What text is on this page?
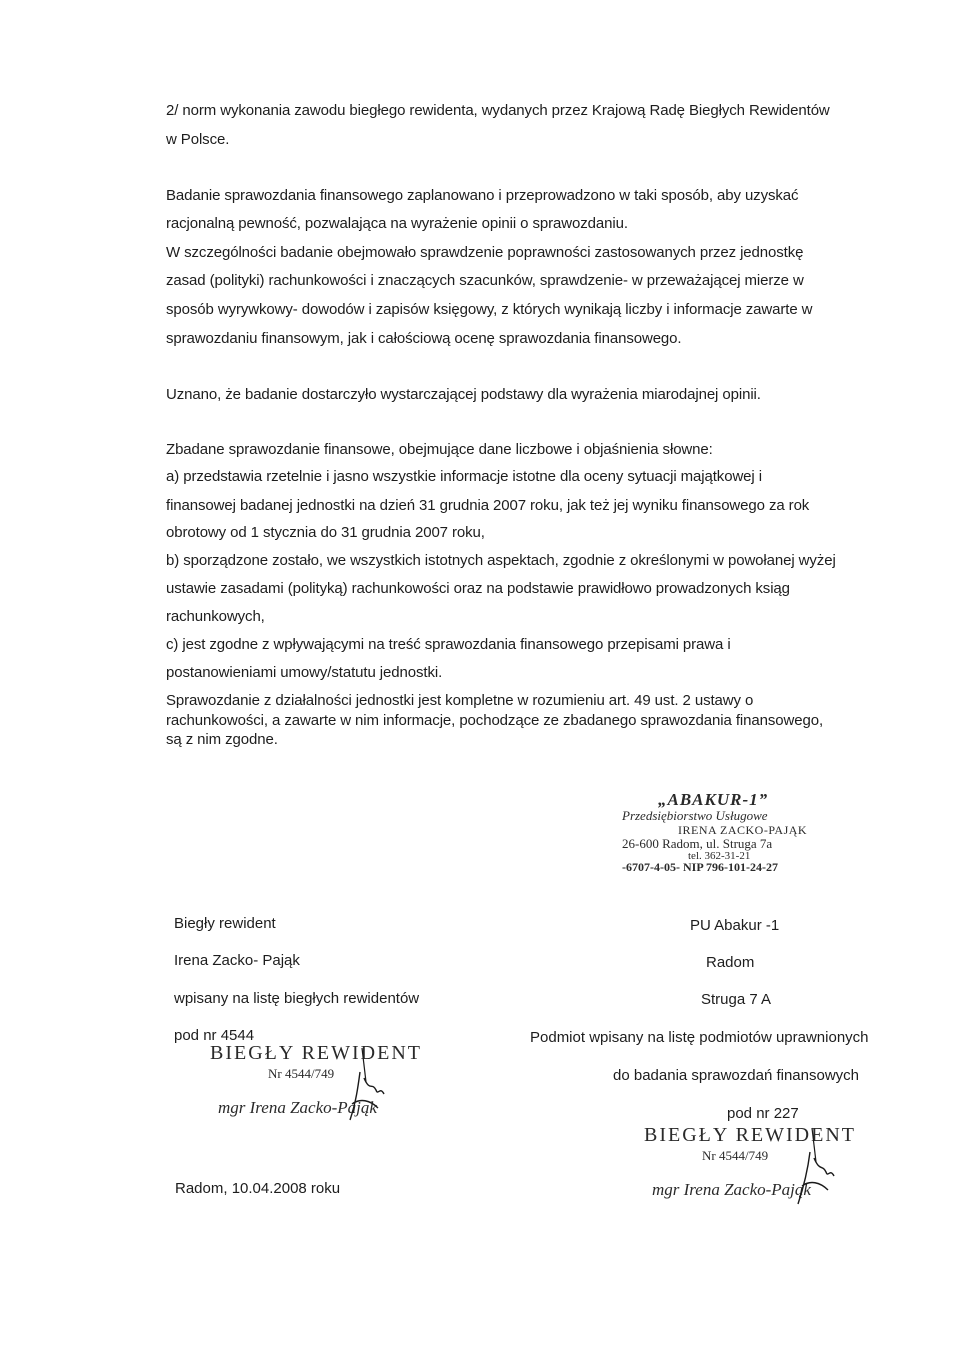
2/ norm wykonania zawodu biegłego rewidenta, wydanych przez Krajową Radę Biegłych Rewidentów
w Polsce.
Badanie sprawozdania finansowego zaplanowano i przeprowadzono w taki sposób, aby uzyskać
racjonalną pewność, pozwalająca na wyrażenie opinii o sprawozdaniu.
W szczególności badanie obejmowało sprawdzenie poprawności zastosowanych przez jednostkę
zasad (polityki) rachunkowości i znaczących szacunków, sprawdzenie- w przeważającej mierze w
sposób wyrywkowy- dowodów i zapisów księgowy, z których wynikają liczby i informacje zawarte w
sprawozdaniu finansowym, jak i całościową ocenę sprawozdania finansowego.
Uznano, że badanie dostarczyło wystarczającej podstawy dla wyrażenia miarodajnej opinii.
Zbadane sprawozdanie finansowe, obejmujące dane liczbowe i objaśnienia słowne:
a) przedstawia rzetelnie i jasno wszystkie informacje istotne dla oceny sytuacji majątkowej i
finansowej badanej jednostki na dzień 31 grudnia 2007 roku, jak też jej wyniku finansowego za rok
obrotowy od 1 stycznia do 31 grudnia 2007 roku,
b) sporządzone zostało, we wszystkich istotnych aspektach, zgodnie z określonymi w powołanej wyżej
ustawie zasadami (polityką) rachunkowości oraz na podstawie prawidłowo prowadzonych ksiąg
rachunkowych,
c) jest zgodne z wpływającymi na treść sprawozdania finansowego przepisami prawa i
postanowieniami umowy/statutu jednostki.
Sprawozdanie z działalności jednostki jest kompletne w rozumieniu art. 49 ust. 2 ustawy o
rachunkowości, a zawarte w nim informacje, pochodzące ze zbadanego sprawozdania finansowego,
są z nim zgodne.
„ABAKUR-1”
Przedsiębiorstwo Usługowe
IRENA ZACKO-PAJĄK
26-600 Radom, ul. Struga 7a
tel. 362-31-21
-6707-4-05- NIP 796-101-24-27
Biegły rewident
Irena Zacko- Pająk
wpisany na listę biegłych rewidentów
pod nr 4544
PU Abakur -1
Radom
Struga 7 A
Podmiot wpisany na listę podmiotów uprawnionych
do badania sprawozdań finansowych
pod nr 227
BIEGŁY REWIDENT
Nr 4544/749
mgr Irena Zacko-Pająk
BIEGŁY REWIDENT
Nr 4544/749
mgr Irena Zacko-Pająk
Radom, 10.04.2008 roku
